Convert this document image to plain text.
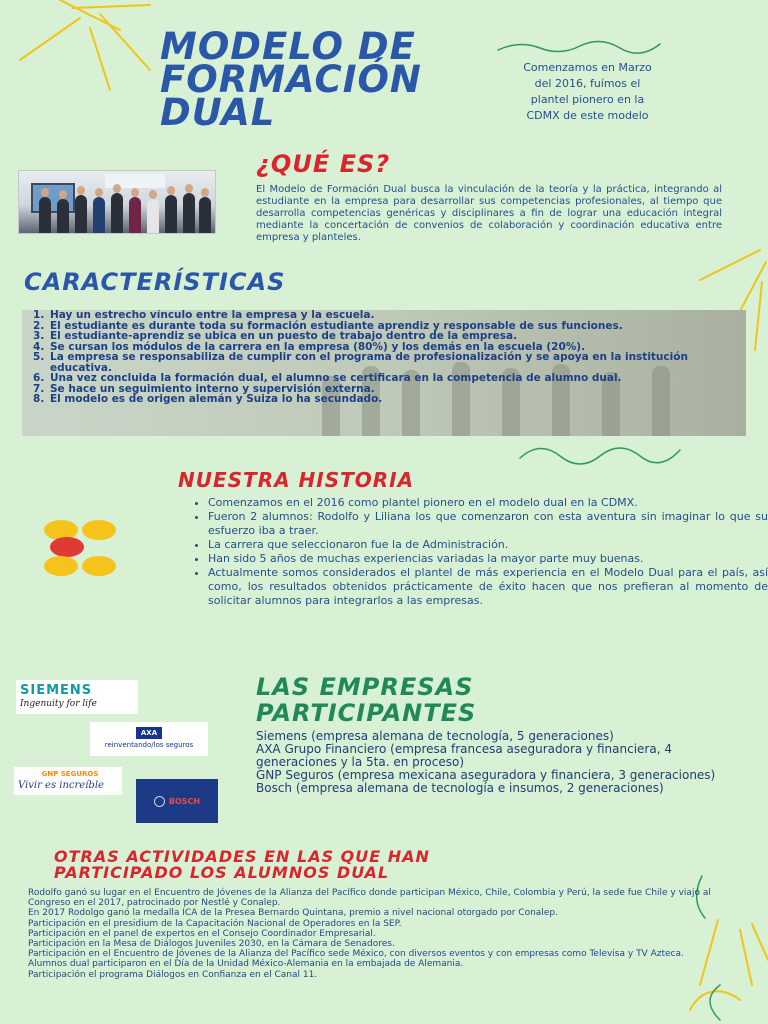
MODELO DE
FORMACIÓN
DUAL
Comenzamos en Marzo
del 2016, fuímos el
plantel pionero en la
CDMX de este modelo
¿QUÉ ES?

El Modelo de Formación Dual busca la vinculación de la teoría y la práctica, integrando al estudiante en la empresa para desarrollar sus competencias profesionales, al tiempo que desarrolla competencias genéricas y disciplinares a fin de lograr una educación integral mediante la concertación de convenios de colaboración y coordinación educativa entre empresa y planteles.

CARACTERÍSTICAS
1. Hay un estrecho vínculo entre la empresa y la escuela.
2. El estudiante es durante toda su formación estudiante aprendiz y responsable de sus funciones.
3. El estudiante-aprendiz se ubica en un puesto de trabajo dentro de la empresa.
4. Se cursan los módulos de la carrera en la empresa (80%) y los demás en la escuela (20%).
5. La empresa se responsabiliza de cumplir con el programa de profesionalización y se apoya en la institución educativa.
6. Una vez concluida la formación dual, el alumno se certificara en la competencia de alumno dual.
7. Se hace un seguimiento interno y supervisión externa.
8. El modelo es de origen alemán y Suiza lo ha secundado.
NUESTRA HISTORIA
• Comenzamos en el 2016 como plantel pionero en el modelo dual en la CDMX.
• Fueron 2 alumnos: Rodolfo y Liliana los que comenzaron con esta aventura sin imaginar lo que su esfuerzo iba a traer.
• La carrera que seleccionaron fue la de Administración.
• Han sido 5 años de muchas experiencias variadas la mayor parte muy buenas.
• Actualmente somos considerados el plantel de más experiencia en el Modelo Dual para el país, así como, los resultados obtenidos prácticamente de éxito hacen que nos prefieran al momento de solicitar alumnos para integrarlos a las empresas.
SIEMENS
Ingenuity for life
AXA
reinventando/los seguros
GNP SEGUROS
Vivir es increíble
BOSCH
LAS EMPRESAS
PARTICIPANTES
Siemens (empresa alemana de tecnología, 5 generaciones)
AXA Grupo Financiero (empresa francesa aseguradora y financiera, 4 generaciones y la 5ta. en proceso)
GNP Seguros (empresa mexicana aseguradora y financiera, 3 generaciones)
Bosch (empresa alemana de tecnología e insumos, 2 generaciones)
OTRAS ACTIVIDADES EN LAS QUE HAN
PARTICIPADO LOS ALUMNOS DUAL
Rodolfo ganó su lugar en el Encuentro de Jóvenes de la Alianza del Pacífico donde participan México, Chile, Colombia y Perú, la sede fue Chile y viajó al Congreso en el 2017, patrocinado por Nestlé y Conalep.
En 2017 Rodolgo ganó la medalla ICA de la Presea Bernardo Quintana, premio a nivel nacional otorgado por Conalep.
Participación en el presidium de la Capacitación Nacional de Operadores en la SEP.
Participación en el panel de expertos en el Consejo Coordinador Empresarial.
Participación en la Mesa de Diálogos Juveniles 2030, en la Cámara de Senadores.
Participación en el Encuentro de Jóvenes de la Alianza del Pacífico sede México, con diversos eventos y con empresas como Televisa y TV Azteca.
Alumnos dual participaron en el Día de la Unidad México-Alemania en la embajada de Alemania.
Participación el programa Diálogos en Confianza en el Canal 11.
